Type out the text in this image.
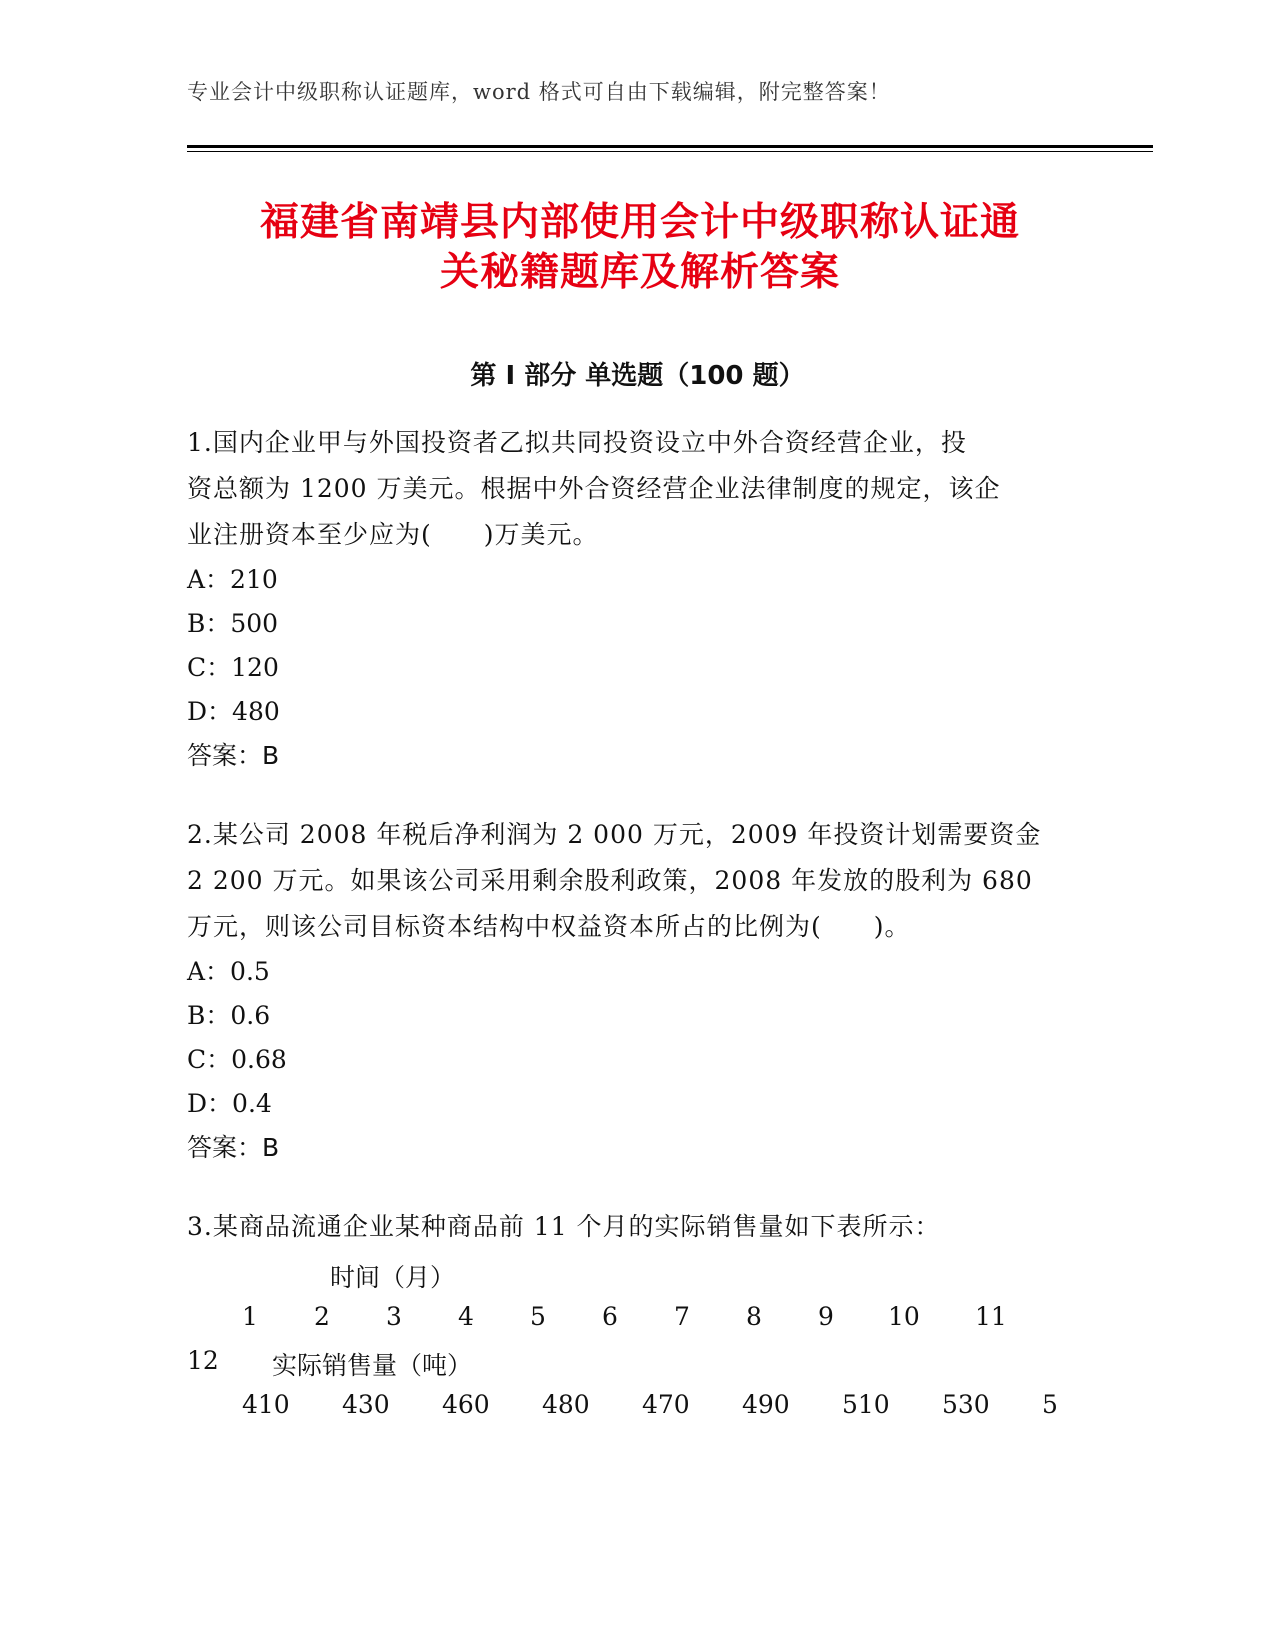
专业会计中级职称认证题库，word 格式可自由下载编辑，附完整答案！
福建省南靖县内部使用会计中级职称认证通
关秘籍题库及解析答案
第 I 部分 单选题（100 题）
1.国内企业甲与外国投资者乙拟共同投资设立中外合资经营企业，投
资总额为 1200 万美元。根据中外合资经营企业法律制度的规定，该企
业注册资本至少应为(　　)万美元。
A：210
B：500
C：120
D：480
答案：B
2.某公司 2008 年税后净利润为 2 000 万元，2009 年投资计划需要资金
2 200 万元。如果该公司采用剩余股利政策，2008 年发放的股利为 680
万元，则该公司目标资本结构中权益资本所占的比例为(　　)。
A：0.5
B：0.6
C：0.68
D：0.4
答案：B
3.某商品流通企业某种商品前 11 个月的实际销售量如下表所示：
时间（月）
1 2 3 4 5 6 7 8 9 10 11
12 实际销售量（吨）
410 430 460 480 470 490 510 530 5
